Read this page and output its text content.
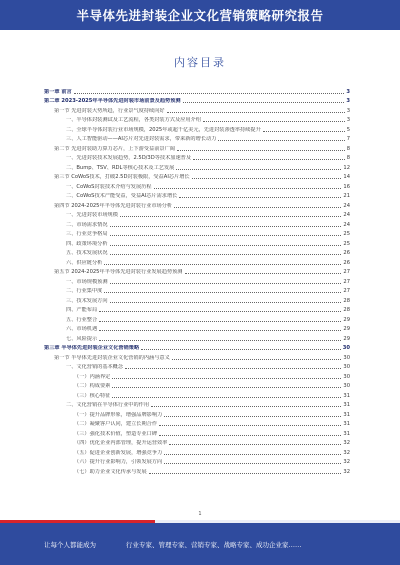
半导体先进封装企业文化营销策略研究报告
内容目录
第一章 前言	3
第二章 2023-2025年半导体先进封装市场前景及趋势预测	3
第一节 先进封装大势所趋，行业景气度持续向好	3
一、半导体封装测试及工艺流程，各类封装方式及应用介绍	3
二、全球半导体封装行业市场规模，2025年或超千亿美元，先进封装渗透率持续提升	5
三、人工智能驱动——AI芯片对先进封装需求，带来新的增长动力	7
第二节 先进封装助力算力芯片，上下游受益前景广阔	8
一、先进封装技术发展趋势，2.5D/3D等技术加速普及	8
二、Bump、TSV、RDL等核心技术及工艺发展	12
第三节 CoWoS技术，打破2.5D封装极限，受益AI芯片增长	14
一、CoWoS封装技术介绍与发展历程	16
二、CoWoS技术产能受益，受益AI芯片需求增长	21
第四节 2024-2025年半导体先进封装行业市场分析	24
一、先进封装市场规模	24
二、市场需求情况	24
三、行业竞争格局	25
四、政策环境分析	25
五、技术发展状况	26
六、供应链分析	26
第五节 2024-2025年半导体先进封装行业发展趋势预测	27
一、市场规模预测	27
二、行业集中度	27
三、技术发展方向	28
四、产能布局	28
五、行业整合	29
六、市场机遇	29
七、风险提示	29
第三章 半导体先进封装企业文化营销策略	30
第一节 半导体先进封装企业文化营销的内涵与意义	30
一、文化营销的基本概念	30
（一）内涵界定	30
（二）构成要素	30
（三）核心特征	31
二、文化营销在半导体行业中的作用	31
（一）提升品牌形象，增强品牌影响力	31
（二）凝聚客户认同，建立长期合作	31
（三）强化技术价值，塑造专业口碑	31
（四）优化企业内部管理，提升运营效率	32
（五）促进企业创新发展，增强竞争力	32
（六）提升行业影响力，引领发展方向	32
（七）助力企业文化传承与发展	32
1
让每个人都能成为	行业专家、管理专家、营销专家、战略专家、成功企业家……
